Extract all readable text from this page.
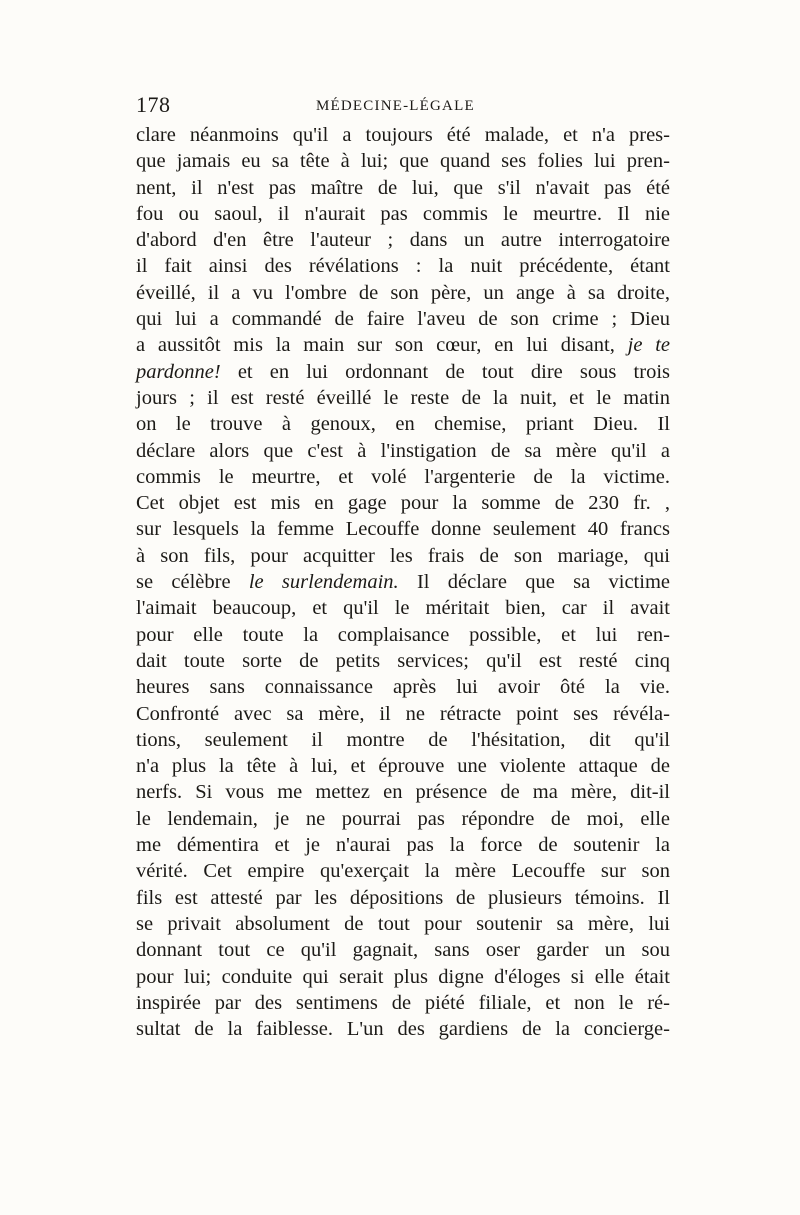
178	MÉDECINE-LÉGALE
clare néanmoins qu'il a toujours été malade, et n'a pres-
que jamais eu sa tête à lui; que quand ses folies lui pren-
nent, il n'est pas maître de lui, que s'il n'avait pas été
fou ou saoul, il n'aurait pas commis le meurtre. Il nie
d'abord d'en être l'auteur ; dans un autre interrogatoire
il fait ainsi des révélations : la nuit précédente, étant
éveillé, il a vu l'ombre de son père, un ange à sa droite,
qui lui a commandé de faire l'aveu de son crime ; Dieu
a aussitôt mis la main sur son cœur, en lui disant, je te
pardonne! et en lui ordonnant de tout dire sous trois
jours ; il est resté éveillé le reste de la nuit, et le matin
on le trouve à genoux, en chemise, priant Dieu. Il
déclare alors que c'est à l'instigation de sa mère qu'il a
commis le meurtre, et volé l'argenterie de la victime.
Cet objet est mis en gage pour la somme de 230 fr. ,
sur lesquels la femme Lecouffe donne seulement 40 francs
à son fils, pour acquitter les frais de son mariage, qui
se célèbre le surlendemain. Il déclare que sa victime
l'aimait beaucoup, et qu'il le méritait bien, car il avait
pour elle toute la complaisance possible, et lui ren-
dait toute sorte de petits services; qu'il est resté cinq
heures sans connaissance après lui avoir ôté la vie.
Confronté avec sa mère, il ne rétracte point ses révéla-
tions, seulement il montre de l'hésitation, dit qu'il
n'a plus la tête à lui, et éprouve une violente attaque de
nerfs. Si vous me mettez en présence de ma mère, dit-il
le lendemain, je ne pourrai pas répondre de moi, elle
me démentira et je n'aurai pas la force de soutenir la
vérité. Cet empire qu'exerçait la mère Lecouffe sur son
fils est attesté par les dépositions de plusieurs témoins. Il
se privait absolument de tout pour soutenir sa mère, lui
donnant tout ce qu'il gagnait, sans oser garder un sou
pour lui; conduite qui serait plus digne d'éloges si elle était
inspirée par des sentimens de piété filiale, et non le ré-
sultat de la faiblesse. L'un des gardiens de la concierge-
